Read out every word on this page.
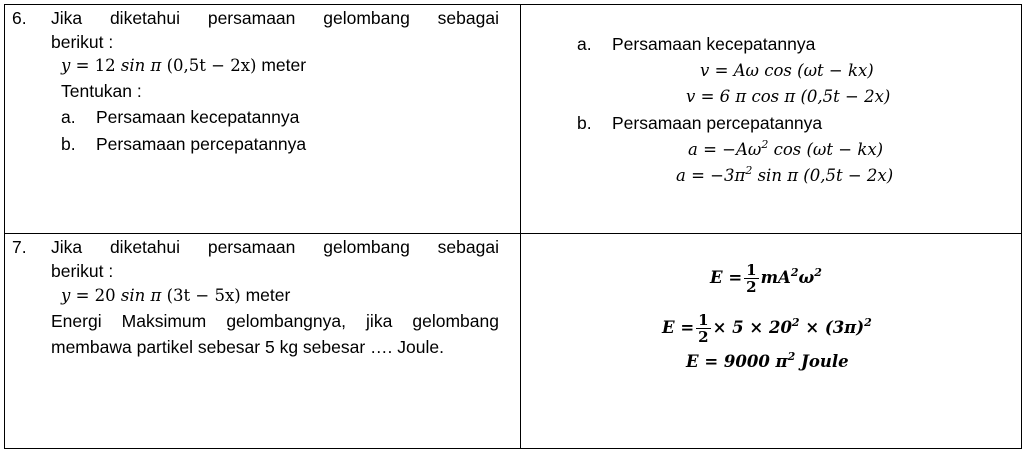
6. Jika diketahui persamaan gelombang sebagai
berikut :
y = 12 sin π (0,5t − 2x) meter
Tentukan :
a. Persamaan kecepatannya
b. Persamaan percepatannya
a. Persamaan kecepatannya
v = Aω cos (ωt − kx)
v = 6 π cos π (0,5t − 2x)
b. Persamaan percepatannya
$a = -A\omega^2$ cos (ωt − kx)
$a = -3\pi^2$ sin π (0,5t − 2x)
7. Jika diketahui persamaan gelombang sebagai
berikut :
y = 20 sin π (3t − 5x) meter
Energi Maksimum gelombangnya, jika gelombang
membawa partikel sebesar 5 kg sebesar …. Joule.
$E = \frac{1}{2} mA^2\omega^2$
$E = \frac{1}{2} \times 5 \times 20^2 \times (3\pi)^2$
E = 9000 $\pi^2$ Joule
